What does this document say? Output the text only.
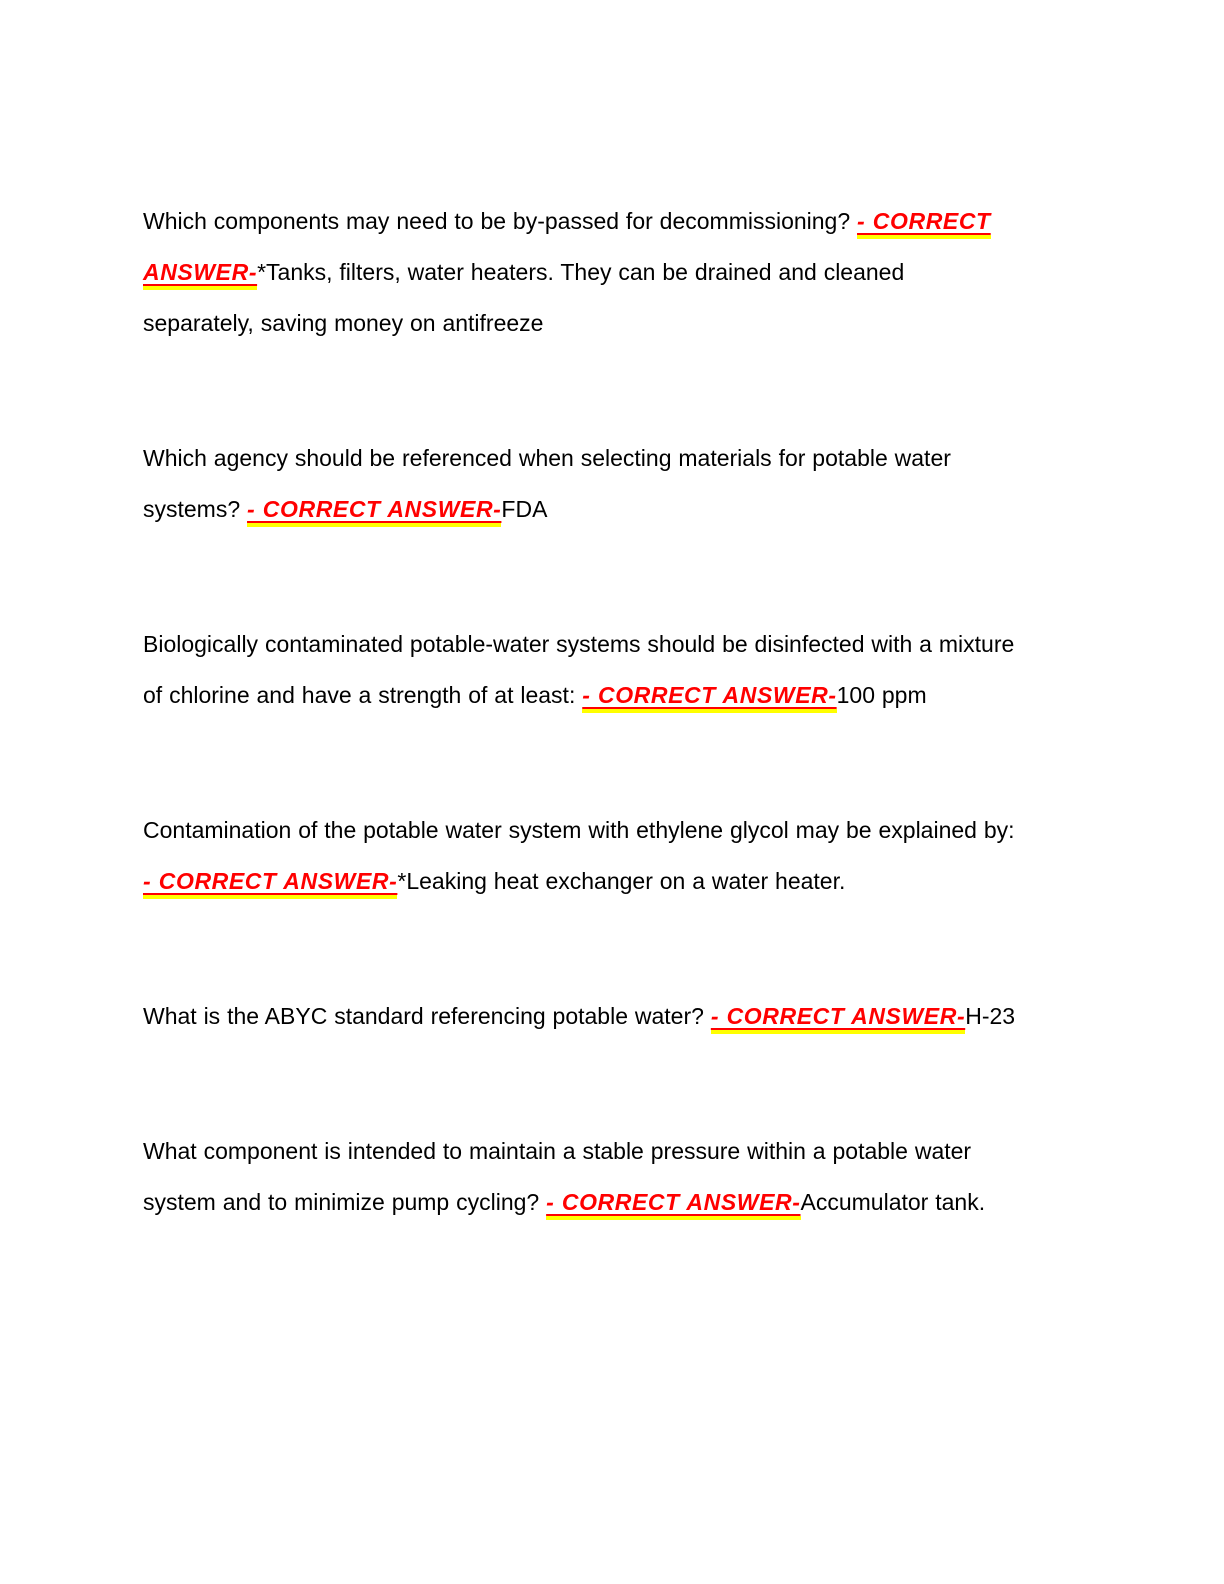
Which components may need to be by-passed for decommissioning? - CORRECT ANSWER-*Tanks, filters, water heaters. They can be drained and cleaned separately, saving money on antifreeze

Which agency should be referenced when selecting materials for potable water systems? - CORRECT ANSWER-FDA

Biologically contaminated potable-water systems should be disinfected with a mixture of chlorine and have a strength of at least: - CORRECT ANSWER-100 ppm

Contamination of the potable water system with ethylene glycol may be explained by: - CORRECT ANSWER-*Leaking heat exchanger on a water heater.

What is the ABYC standard referencing potable water? - CORRECT ANSWER-H-23

What component is intended to maintain a stable pressure within a potable water system and to minimize pump cycling? - CORRECT ANSWER-Accumulator tank.
